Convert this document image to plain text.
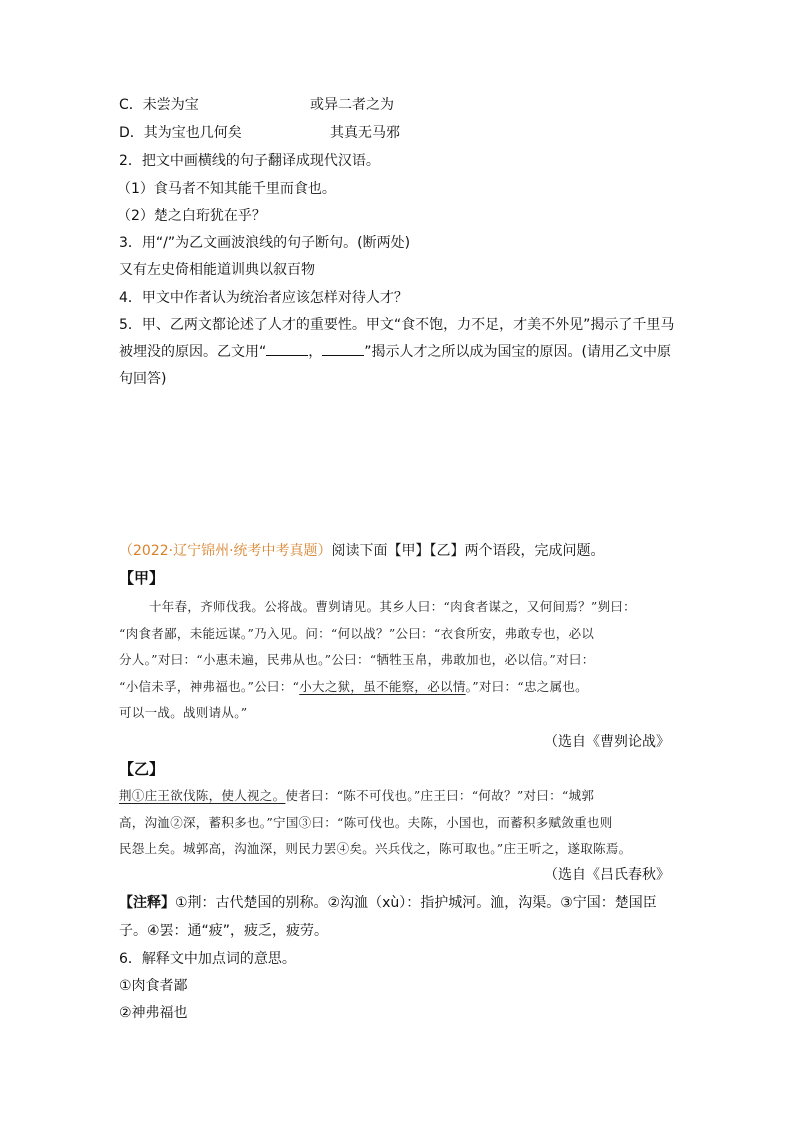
C．未尝为宝	或异二者之为
D．其为宝也几何矣	其真无马邪
2．把文中画横线的句子翻译成现代汉语。
（1）食马者不知其能千里而食也。
（2）楚之白珩犹在乎？
3．用“/”为乙文画波浪线的句子断句。(断两处)
又有左史倚相能道训典以叙百物
4．甲文中作者认为统治者应该怎样对待人才？
5．甲、乙两文都论述了人才的重要性。甲文“食不饱，力不足，才美不外见”揭示了千里马
被埋没的原因。乙文用“	，	”揭示人才之所以成为国宝的原因。(请用乙文中原
句回答)
（2022·辽宁锦州·统考中考真题）阅读下面【甲】【乙】两个语段，完成问题。
【甲】

十年春，齐师伐我。公将战。曹刿请见。其乡人曰：“肉食者谋之，又何间焉？”刿曰：

“肉食者鄙，未能远谋。”乃入见。问：“何以战？”公曰：“衣食所安，弗敢专也，必以

分人。”对曰：“小惠未遍，民弗从也。”公曰：“牺牲玉帛，弗敢加也，必以信。”对曰：

“小信未孚，神弗福也。”公曰：“小大之狱，虽不能察，必以情。”对曰：“忠之属也。

可以一战。战则请从。”

（选自《曹刿论战》
【乙】

荆①庄王欲伐陈，使人视之。使者曰：“陈不可伐也。”庄王曰：“何故？”对曰：“城郭

高，沟洫②深，蓄积多也。”宁国③曰：“陈可伐也。夫陈，小国也，而蓄积多赋敛重也则

民怨上矣。城郭高，沟洫深，则民力罢④矣。兴兵伐之，陈可取也。”庄王听之，遂取陈焉。

（选自《吕氏春秋》
【注释】①荆：古代楚国的别称。②沟洫（xù）：指护城河。洫，沟渠。③宁国：楚国臣
子。④罢：通“疲”，疲乏，疲劳。
6．解释文中加点词的意思。
①肉食者鄙
②神弗福也
